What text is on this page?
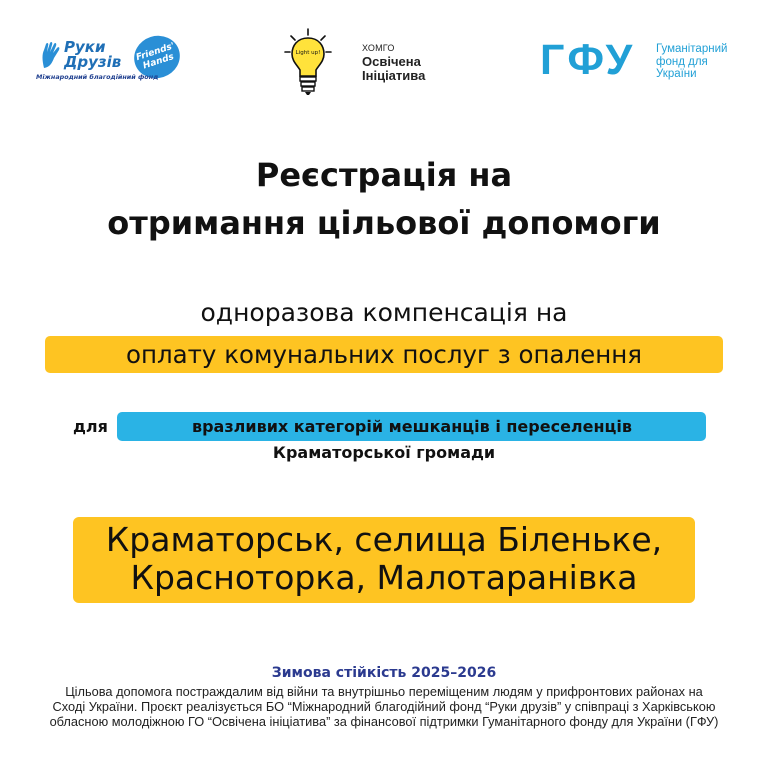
Руки
Друзів	Friends' Hands
Міжнародний благодійний фонд
Light up!	ХОМГО
Освічена
Ініціатива	ГФУ Гуманітарний
фонд для
України
Реєстрація на
отримання цільової допомоги
одноразова компенсація на
оплату комунальних послуг з опалення
для	вразливих категорій мешканців і переселенців
Краматорської громади
Краматорськ, селища Біленьке,
Красноторка, Малотаранівка
Зимова стійкість 2025–2026
Цільова допомога постраждалим від війни та внутрішньо переміщеним людям у прифронтових районах на
Сході України. Проєкт реалізується БО “Міжнародний благодійний фонд “Руки друзів” у співпраці з Харківською
обласною молодіжною ГО “Освічена ініціатива” за фінансової підтримки Гуманітарного фонду для України (ГФУ)
